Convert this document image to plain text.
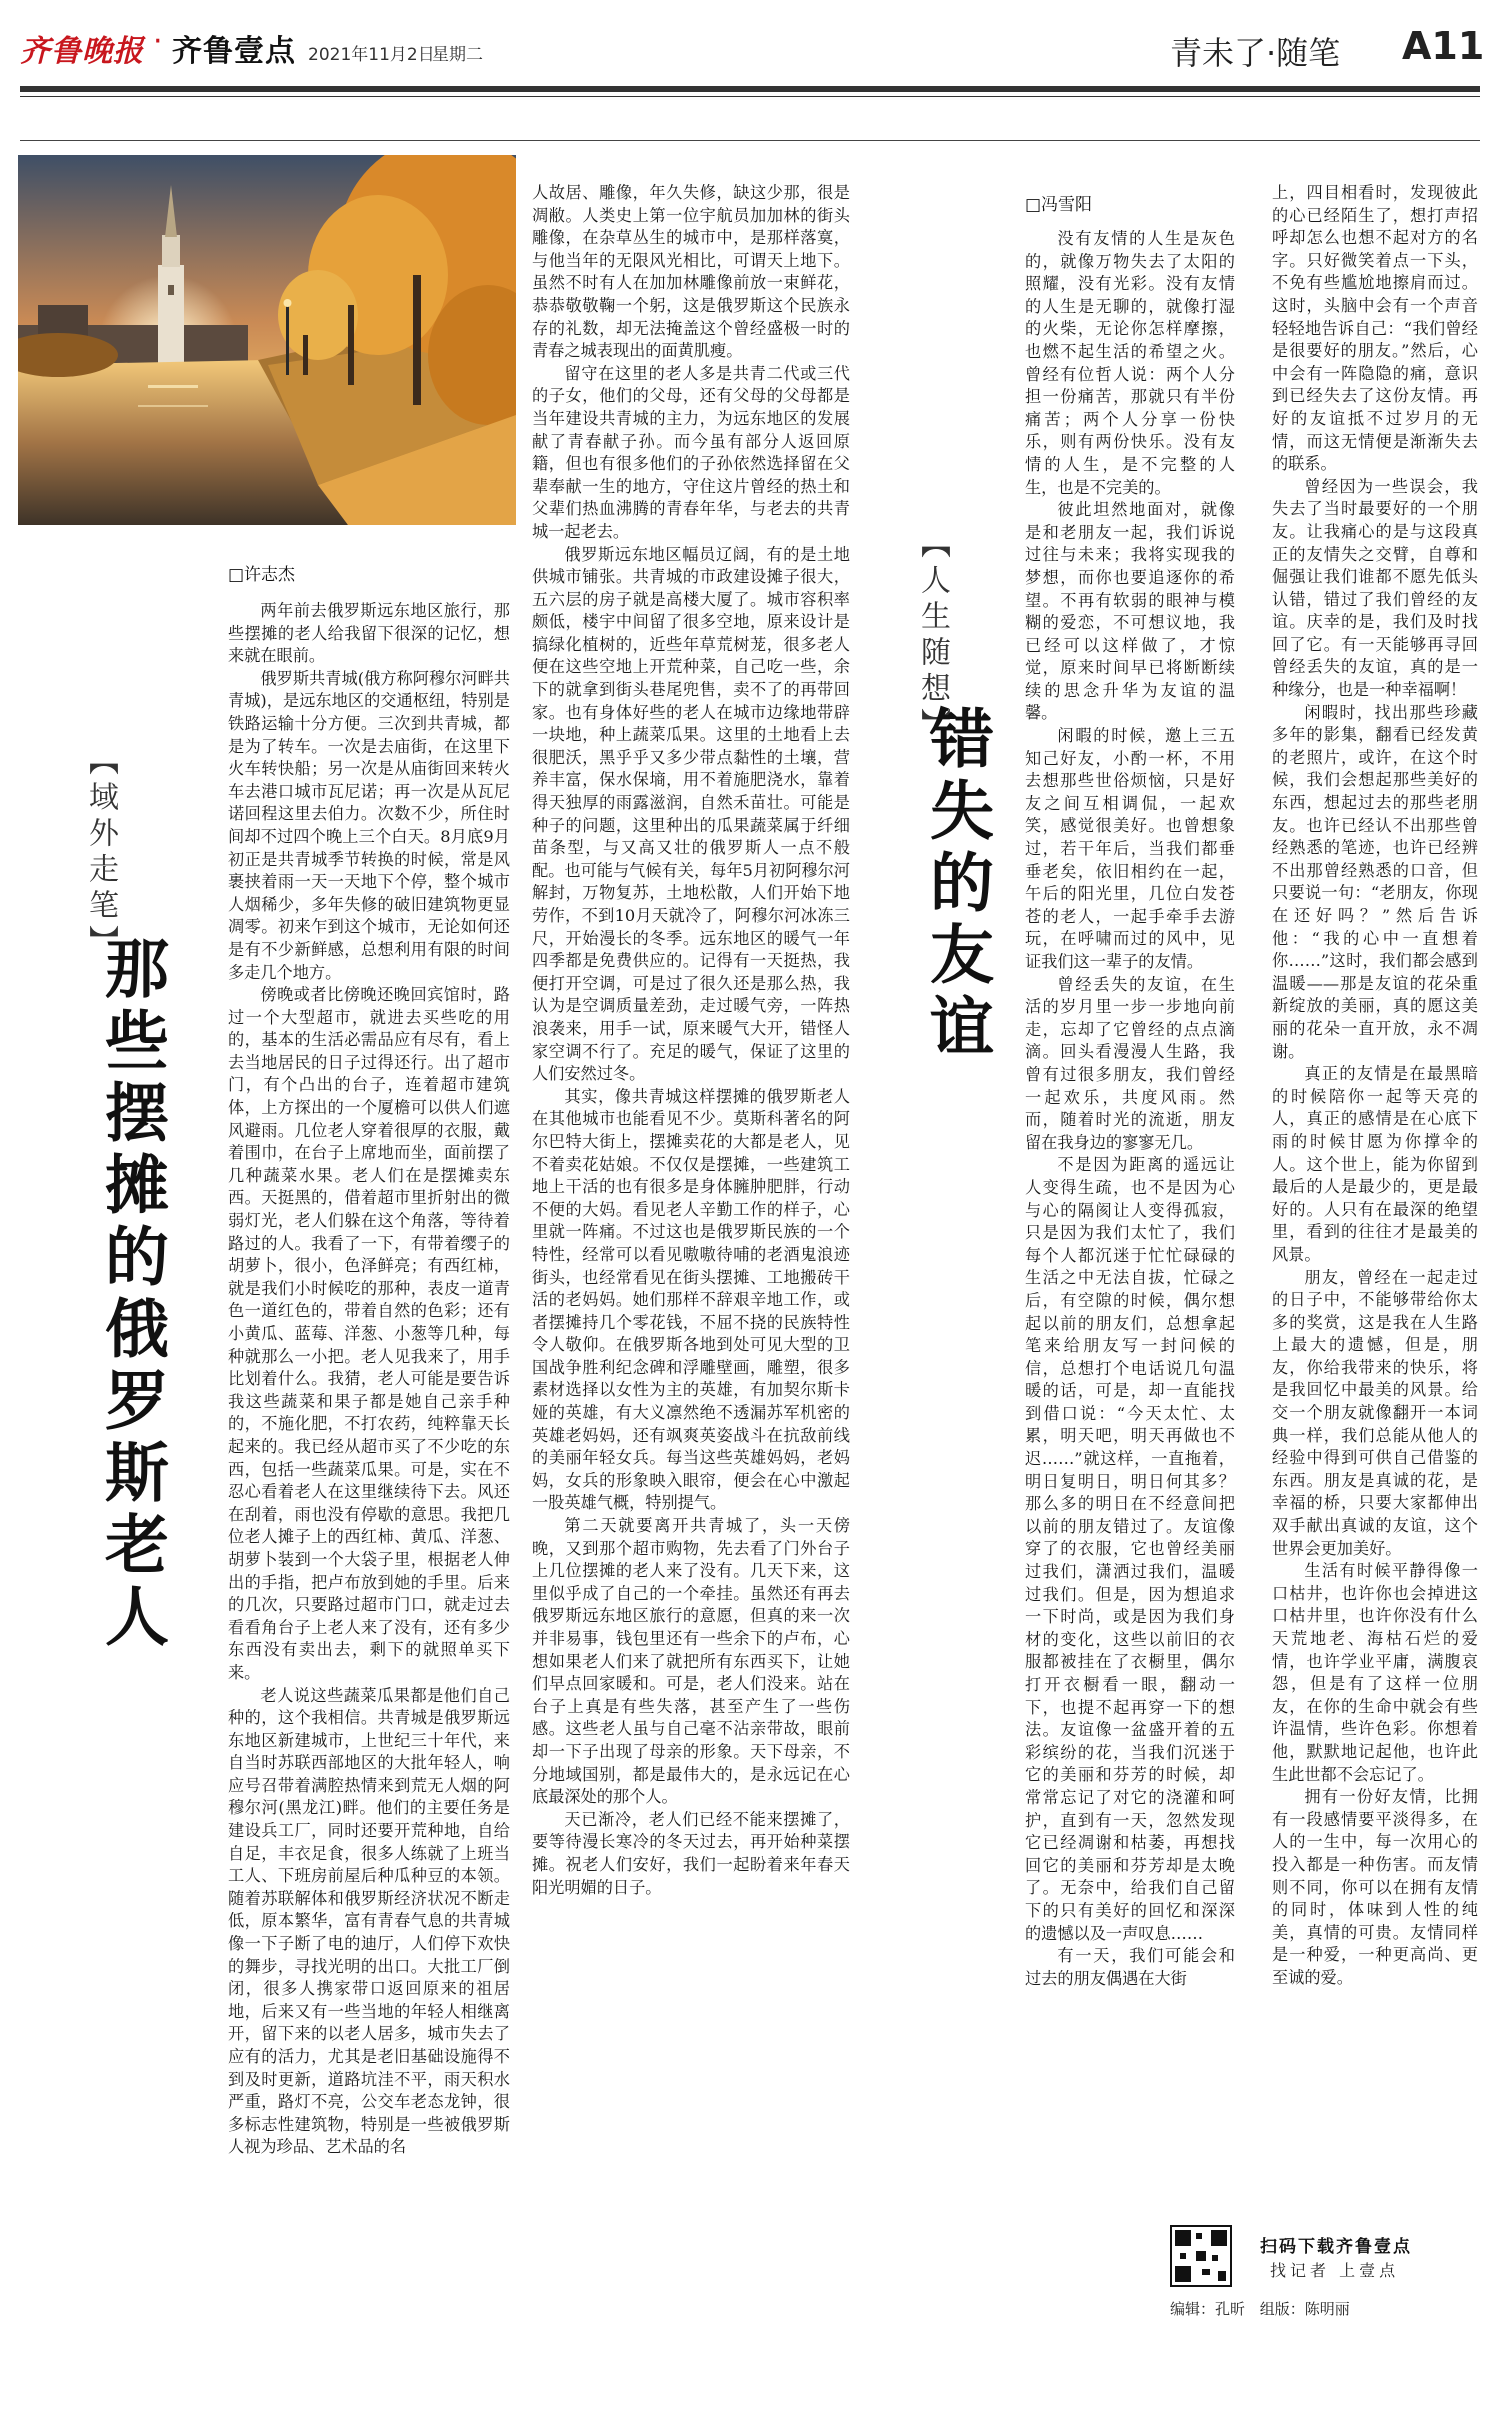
齐鲁晚报 · 齐鲁壹点 2021年11月2日
星期二	青未了·随笔 A11
【域外走笔】
那些摆摊的俄罗斯老人
□许志杰

两年前去俄罗斯远东地区旅行，那些摆摊的老人给我留下很深的记忆，想来就在眼前。

俄罗斯共青城(俄方称阿穆尔河畔共青城)，是远东地区的交通枢纽，特别是铁路运输十分方便。三次到共青城，都是为了转车。一次是去庙街，在这里下火车转快船；另一次是从庙街回来转火车去港口城市瓦尼诺；再一次是从瓦尼诺回程这里去伯力。次数不少，所住时间却不过四个晚上三个白天。8月底9月初正是共青城季节转换的时候，常是风裹挟着雨一天一天地下个停，整个城市人烟稀少，多年失修的破旧建筑物更显凋零。初来乍到这个城市，无论如何还是有不少新鲜感，总想利用有限的时间多走几个地方。

傍晚或者比傍晚还晚回宾馆时，路过一个大型超市，就进去买些吃的用的，基本的生活必需品应有尽有，看上去当地居民的日子过得还行。出了超市门，有个凸出的台子，连着超市建筑体，上方探出的一个厦檐可以供人们遮风避雨。几位老人穿着很厚的衣服，戴着围巾，在台子上席地而坐，面前摆了几种蔬菜水果。老人们在是摆摊卖东西。天挺黑的，借着超市里折射出的微弱灯光，老人们躲在这个角落，等待着路过的人。我看了一下，有带着缨子的胡萝卜，很小，色泽鲜亮；有西红柿，就是我们小时候吃的那种，表皮一道青色一道红色的，带着自然的色彩；还有小黄瓜、蓝莓、洋葱、小葱等几种，每种就那么一小把。老人见我来了，用手比划着什么。我猜，老人可能是要告诉我这些蔬菜和果子都是她自己亲手种的，不施化肥，不打农药，纯粹靠天长起来的。我已经从超市买了不少吃的东西，包括一些蔬菜瓜果。可是，实在不忍心看着老人在这里继续待下去。风还在刮着，雨也没有停歇的意思。我把几位老人摊子上的西红柿、黄瓜、洋葱、胡萝卜装到一个大袋子里，根据老人伸出的手指，把卢布放到她的手里。后来的几次，只要路过超市门口，就走过去看看角台子上老人来了没有，还有多少东西没有卖出去，剩下的就照单买下来。

老人说这些蔬菜瓜果都是他们自己种的，这个我相信。共青城是俄罗斯远东地区新建城市，上世纪三十年代，来自当时苏联西部地区的大批年轻人，响应号召带着满腔热情来到荒无人烟的阿穆尔河(黑龙江)畔。他们的主要任务是建设兵工厂，同时还要开荒种地，自给自足，丰衣足食，很多人练就了上班当工人、下班房前屋后种瓜种豆的本领。随着苏联解体和俄罗斯经济状况不断走低，原本繁华，富有青春气息的共青城像一下子断了电的迪厅，人们停下欢快的舞步，寻找光明的出口。大批工厂倒闭，很多人携家带口返回原来的祖居地，后来又有一些当地的年轻人相继离开，留下来的以老人居多，城市失去了应有的活力，尤其是老旧基础设施得不到及时更新，道路坑洼不平，雨天积水严重，路灯不亮，公交车老态龙钟，很多标志性建筑物，特别是一些被俄罗斯人视为珍品、艺术品的名

人故居、雕像，年久失修，缺这少那，很是凋敝。人类史上第一位宇航员加加林的街头雕像，在杂草丛生的城市中，是那样落寞，与他当年的无限风光相比，可谓天上地下。虽然不时有人在加加林雕像前放一束鲜花，恭恭敬敬鞠一个躬，这是俄罗斯这个民族永存的礼数，却无法掩盖这个曾经盛极一时的青春之城表现出的面黄肌瘦。

留守在这里的老人多是共青二代或三代的子女，他们的父母，还有父母的父母都是当年建设共青城的主力，为远东地区的发展献了青春献子孙。而今虽有部分人返回原籍，但也有很多他们的子孙依然选择留在父辈奉献一生的地方，守住这片曾经的热土和父辈们热血沸腾的青春年华，与老去的共青城一起老去。

俄罗斯远东地区幅员辽阔，有的是土地供城市铺张。共青城的市政建设摊子很大，五六层的房子就是高楼大厦了。城市容积率颇低，楼宇中间留了很多空地，原来设计是搞绿化植树的，近些年草荒树茏，很多老人便在这些空地上开荒种菜，自己吃一些，余下的就拿到街头巷尾兜售，卖不了的再带回家。也有身体好些的老人在城市边缘地带辟一块地，种上蔬菜瓜果。这里的土地看上去很肥沃，黑乎乎又多少带点黏性的土壤，营养丰富，保水保墒，用不着施肥浇水，靠着得天独厚的雨露滋润，自然禾苗壮。可能是种子的问题，这里种出的瓜果蔬菜属于纤细苗条型，与又高又壮的俄罗斯人一点不般配。也可能与气候有关，每年5月初阿穆尔河解封，万物复苏，土地松散，人们开始下地劳作，不到10月天就冷了，阿穆尔河冰冻三尺，开始漫长的冬季。远东地区的暖气一年四季都是免费供应的。记得有一天挺热，我便打开空调，可是过了很久还是那么热，我认为是空调质量差劲，走过暖气旁，一阵热浪袭来，用手一试，原来暖气大开，错怪人家空调不行了。充足的暖气，保证了这里的人们安然过冬。

其实，像共青城这样摆摊的俄罗斯老人在其他城市也能看见不少。莫斯科著名的阿尔巴特大街上，摆摊卖花的大都是老人，见不着卖花姑娘。不仅仅是摆摊，一些建筑工地上干活的也有很多是身体臃肿肥胖，行动不便的大妈。看见老人辛勤工作的样子，心里就一阵痛。不过这也是俄罗斯民族的一个特性，经常可以看见嗷嗷待哺的老酒鬼浪迹街头，也经常看见在街头摆摊、工地搬砖干活的老妈妈。她们那样不辞艰辛地工作，或者摆摊持几个零花钱，不屈不挠的民族特性令人敬仰。在俄罗斯各地到处可见大型的卫国战争胜利纪念碑和浮雕壁画，雕塑，很多素材选择以女性为主的英雄，有加契尔斯卡娅的英雄，有大义凛然绝不透漏苏军机密的英雄老妈妈，还有飒爽英姿战斗在抗敌前线的美丽年轻女兵。每当这些英雄妈妈，老妈妈，女兵的形象映入眼帘，便会在心中激起一股英雄气概，特别提气。

第二天就要离开共青城了，头一天傍晚，又到那个超市购物，先去看了门外台子上几位摆摊的老人来了没有。几天下来，这里似乎成了自己的一个牵挂。虽然还有再去俄罗斯远东地区旅行的意愿，但真的来一次并非易事，钱包里还有一些余下的卢布，心想如果老人们来了就把所有东西买下，让她们早点回家暖和。可是，老人们没来。站在台子上真是有些失落，甚至产生了一些伤感。这些老人虽与自己毫不沾亲带故，眼前却一下子出现了母亲的形象。天下母亲，不分地域国别，都是最伟大的，是永远记在心底最深处的那个人。

天已渐冷，老人们已经不能来摆摊了，要等待漫长寒冷的冬天过去，再开始种菜摆摊。祝老人们安好，我们一起盼着来年春天阳光明媚的日子。

【人生随想】
错失的友谊
□冯雪阳

没有友情的人生是灰色的，就像万物失去了太阳的照耀，没有光彩。没有友情的人生是无聊的，就像打湿的火柴，无论你怎样摩擦，也燃不起生活的希望之火。曾经有位哲人说：两个人分担一份痛苦，那就只有半份痛苦；两个人分享一份快乐，则有两份快乐。没有友情的人生，是不完整的人生，也是不完美的。

彼此坦然地面对，就像是和老朋友一起，我们诉说过往与未来；我将实现我的梦想，而你也要追逐你的希望。不再有软弱的眼神与模糊的爱恋，不可想议地，我已经可以这样做了，才惊觉，原来时间早已将断断续续的思念升华为友谊的温馨。

闲暇的时候，邀上三五知己好友，小酌一杯，不用去想那些世俗烦恼，只是好友之间互相调侃，一起欢笑，感觉很美好。也曾想象过，若干年后，当我们都垂垂老矣，依旧相约在一起，午后的阳光里，几位白发苍苍的老人，一起手牵手去游玩，在呼啸而过的风中，见证我们这一辈子的友情。

曾经丢失的友谊，在生活的岁月里一步一步地向前走，忘却了它曾经的点点滴滴。回头看漫漫人生路，我曾有过很多朋友，我们曾经一起欢乐，共度风雨。然而，随着时光的流逝，朋友留在我身边的寥寥无几。

不是因为距离的遥远让人变得生疏，也不是因为心与心的隔阂让人变得孤寂，只是因为我们太忙了，我们每个人都沉迷于忙忙碌碌的生活之中无法自拔，忙碌之后，有空隙的时候，偶尔想起以前的朋友们，总想拿起笔来给朋友写一封问候的信，总想打个电话说几句温暖的话，可是，却一直能找到借口说：“今天太忙、太累，明天吧，明天再做也不迟……”就这样，一直拖着，明日复明日，明日何其多？那么多的明日在不经意间把以前的朋友错过了。友谊像穿了的衣服，它也曾经美丽过我们，潇洒过我们，温暖过我们。但是，因为想追求一下时尚，或是因为我们身材的变化，这些以前旧的衣服都被挂在了衣橱里，偶尔打开衣橱看一眼，翻动一下，也提不起再穿一下的想法。友谊像一盆盛开着的五彩缤纷的花，当我们沉迷于它的美丽和芬芳的时候，却常常忘记了对它的浇灌和呵护，直到有一天，忽然发现它已经凋谢和枯萎，再想找回它的美丽和芬芳却是太晚了。无奈中，给我们自己留下的只有美好的回忆和深深的遗憾以及一声叹息……

有一天，我们可能会和过去的朋友偶遇在大街

上，四目相看时，发现彼此的心已经陌生了，想打声招呼却怎么也想不起对方的名字。只好微笑着点一下头，不免有些尴尬地擦肩而过。这时，头脑中会有一个声音轻轻地告诉自己：“我们曾经是很要好的朋友。”然后，心中会有一阵隐隐的痛，意识到已经失去了这份友情。再好的友谊抵不过岁月的无情，而这无情便是渐渐失去的联系。

曾经因为一些误会，我失去了当时最要好的一个朋友。让我痛心的是与这段真正的友情失之交臂，自尊和倔强让我们谁都不愿先低头认错，错过了我们曾经的友谊。庆幸的是，我们及时找回了它。有一天能够再寻回曾经丢失的友谊，真的是一种缘分，也是一种幸福啊！

闲暇时，找出那些珍藏多年的影集，翻看已经发黄的老照片，或许，在这个时候，我们会想起那些美好的东西，想起过去的那些老朋友。也许已经认不出那些曾经熟悉的笔迹，也许已经辨不出那曾经熟悉的口音，但只要说一句：“老朋友，你现在还好吗？”然后告诉他：“我的心中一直想着你……”这时，我们都会感到温暖——那是友谊的花朵重新绽放的美丽，真的愿这美丽的花朵一直开放，永不凋谢。

真正的友情是在最黑暗的时候陪你一起等天亮的人，真正的感情是在心底下雨的时候甘愿为你撑伞的人。这个世上，能为你留到最后的人是最少的，更是最好的。人只有在最深的绝望里，看到的往往才是最美的风景。

朋友，曾经在一起走过的日子中，不能够带给你太多的奖赏，这是我在人生路上最大的遗憾，但是，朋友，你给我带来的快乐，将是我回忆中最美的风景。给交一个朋友就像翻开一本词典一样，我们总能从他人的经验中得到可供自己借鉴的东西。朋友是真诚的花，是幸福的桥，只要大家都伸出双手献出真诚的友谊，这个世界会更加美好。

生活有时候平静得像一口枯井，也许你也会掉进这口枯井里，也许你没有什么天荒地老、海枯石烂的爱情，也许学业平庸，满腹哀怨，但是有了这样一位朋友，在你的生命中就会有些许温情，些许色彩。你想着他，默默地记起他，也许此生此世都不会忘记了。

拥有一份好友情，比拥有一段感情要平淡得多，在人的一生中，每一次用心的投入都是一种伤害。而友情则不同，你可以在拥有友情的同时，体味到人性的纯美，真情的可贵。友情同样是一种爱，一种更高尚、更至诚的爱。

扫码下载齐鲁壹点
找记者 上壹点
编辑：孔昕 组版：陈明丽
